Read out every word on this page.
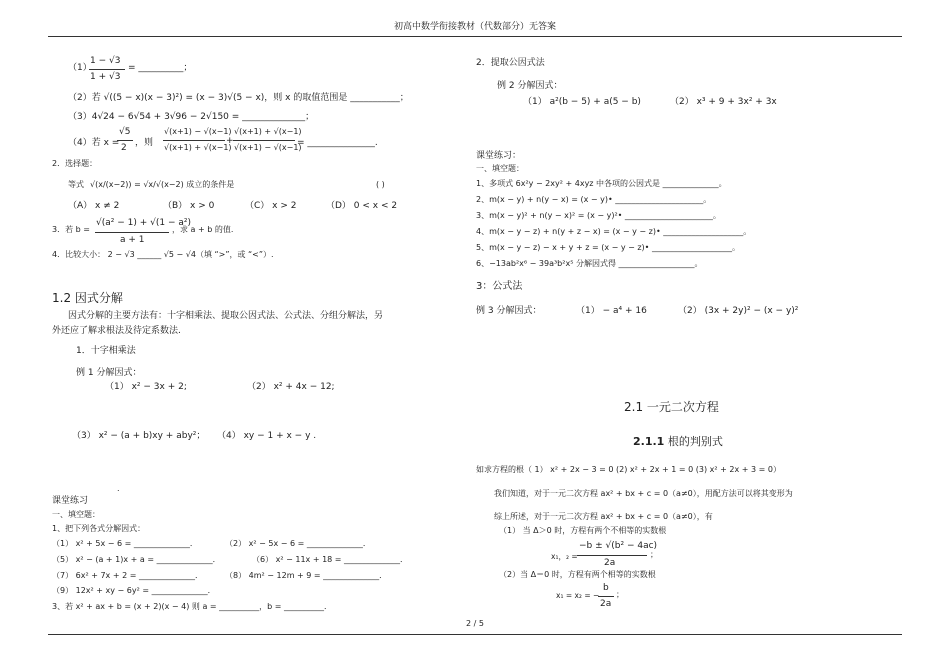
初高中数学衔接教材（代数部分）无答案
（1）
1 − √3
1 + √3
= __________；
（2）若 √((5 − x)(x − 3)²) = (x − 3)√(5 − x)，则 x 的取值范围是 ___________；
（3）4√24 − 6√54 + 3√96 − 2√150 = ______________；
（4）若 x =
√5
2 ，则
√(x+1) − √(x−1)
√(x+1) + √(x−1)
+
√(x+1) + √(x−1)
√(x+1) − √(x−1)
= _______________.
2．选择题：
等式 √(x/(x−2)) = √x/√(x−2) 成立的条件是	( )
（A） x ≠ 2	（B） x > 0	（C） x > 2	（D） 0 < x < 2
3．若 b =
√(a² − 1) + √(1 − a²)
a + 1
，求 a + b 的值.
4．比较大小： 2 − √3 ______ √5 − √4（填 “>”，或 “<”）.
1.2 因式分解
因式分解的主要方法有：十字相乘法、提取公因式法、公式法、分组分解法，另
外还应了解求根法及待定系数法.
1．十字相乘法
例 1 分解因式：
（1） x² − 3x + 2;	（2） x² + 4x − 12;
（3） x² − (a + b)xy + aby²； （4） xy − 1 + x − y .
.
课堂练习
一、填空题：
1、把下列各式分解因式：
（1） x² + 5x − 6 = ______________．	（2） x² − 5x − 6 = ______________．
（5） x² − (a + 1)x + a = ______________．	（6） x² − 11x + 18 = ______________．
（7） 6x² + 7x + 2 = ______________．	（8） 4m² − 12m + 9 = ______________．
（9） 12x² + xy − 6y² = ______________．
3、若 x² + ax + b = (x + 2)(x − 4) 则 a = __________，b = __________．
2．提取公因式法
例 2 分解因式：
（1） a²(b − 5) + a(5 − b)	（2） x³ + 9 + 3x² + 3x
课堂练习：
一、填空题：
1、多项式 6x²y − 2xy² + 4xyz 中各项的公因式是 ______________。
2、m(x − y) + n(y − x) = (x − y)• ______________________。
3、m(x − y)² + n(y − x)² = (x − y)²• ______________________。
4、m(x − y − z) + n(y + z − x) = (x − y − z)• ____________________。
5、m(x − y − z) − x + y + z = (x − y − z)• ____________________。
6、−13ab²x⁶ − 39a³b²x⁵ 分解因式得 ___________________。
3：公式法
例 3 分解因式：	（1） − a⁴ + 16	（2） (3x + 2y)² − (x − y)²
2.1 一元二次方程
2.1.1 根的判别式
如求方程的根（ 1） x² + 2x − 3 = 0 (2) x² + 2x + 1 = 0 (3) x² + 2x + 3 = 0）
我们知道，对于一元二次方程 ax² + bx + c = 0（a≠0），用配方法可以将其变形为
综上所述，对于一元二次方程 ax² + bx + c = 0（a≠0），有
（1） 当 Δ＞0 时，方程有两个不相等的实数根
x₁，₂ =
−b ± √(b² − 4ac)
2a
；
（2）当 Δ＝0 时，方程有两个相等的实数根
x₁ = x₂ = −
b
2a
；
2 / 5
